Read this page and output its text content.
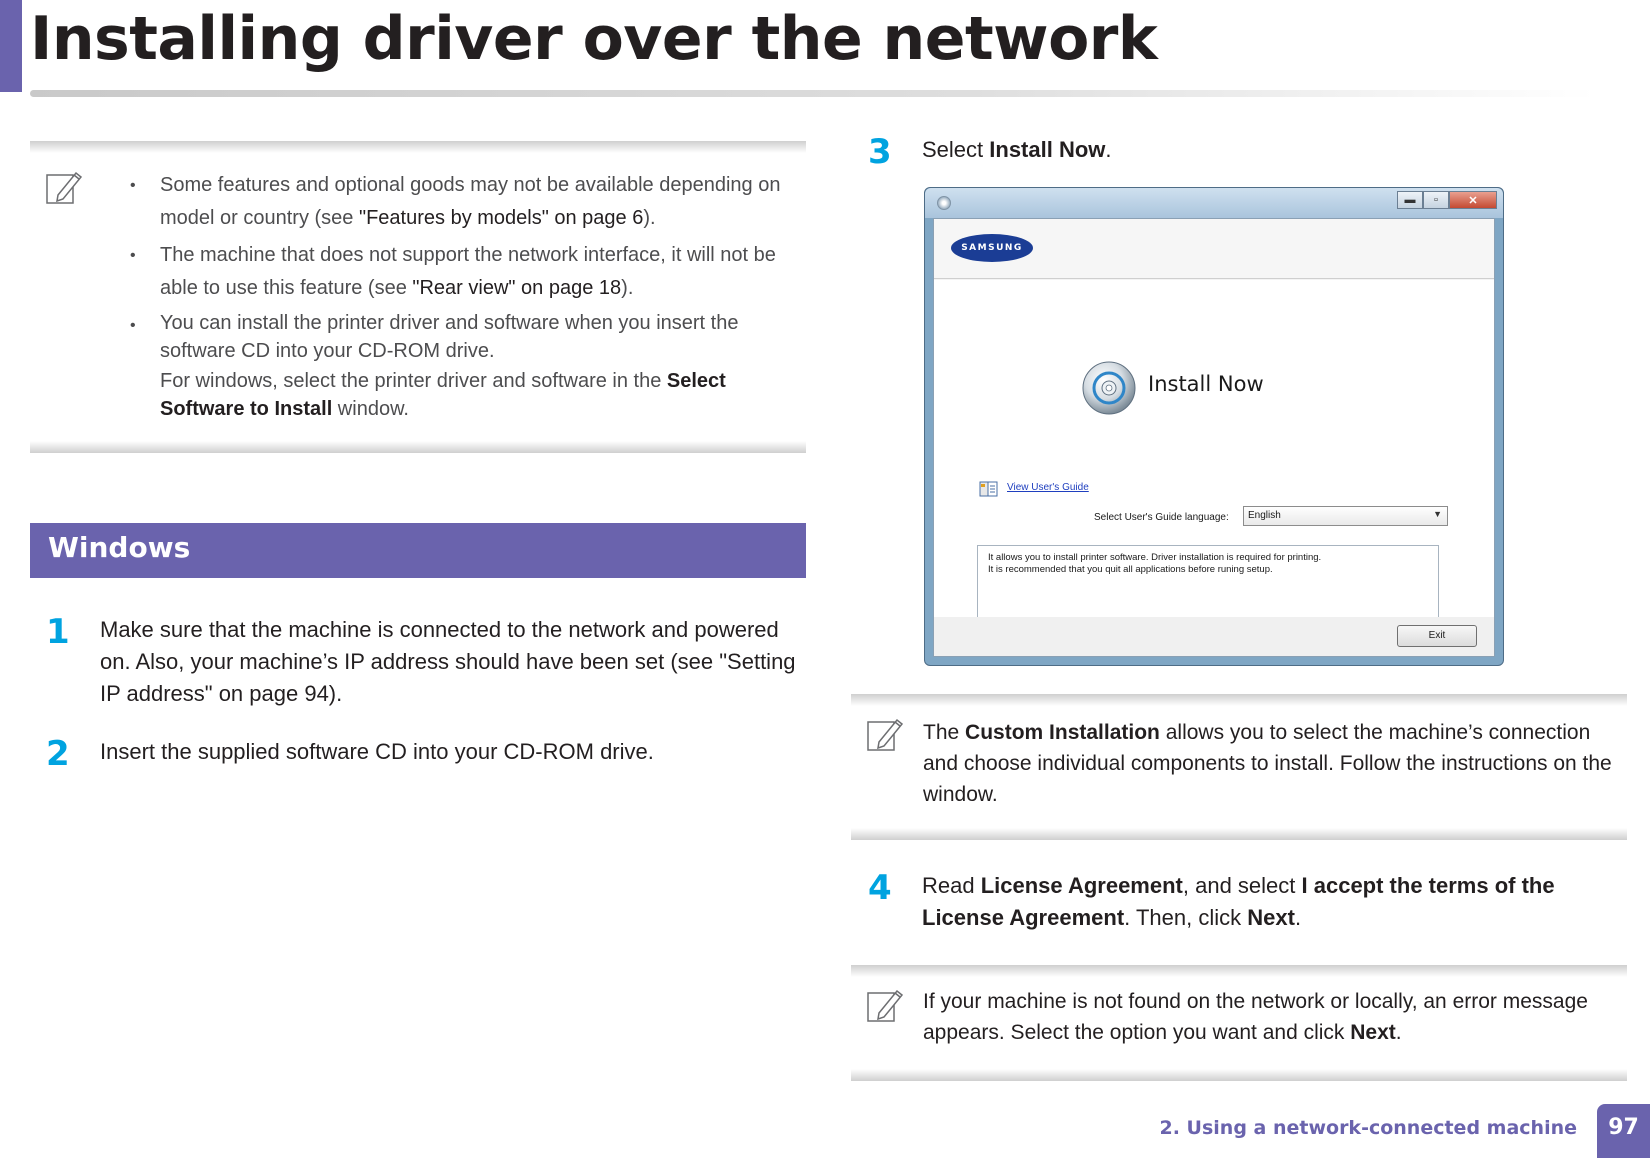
Installing driver over the network
• Some features and optional goods may not be available depending on model or country (see "Features by models" on page 6).
• The machine that does not support the network interface, it will not be able to use this feature (see "Rear view" on page 18).
• You can install the printer driver and software when you insert the software CD into your CD-ROM drive.
For windows, select the printer driver and software in the Select Software to Install window.
Windows
1 Make sure that the machine is connected to the network and powered on. Also, your machine’s IP address should have been set (see "Setting IP address" on page 94).
2 Insert the supplied software CD into your CD-ROM drive.
3 Select Install Now.
▬	▫	✕
SAMSUNG
Install Now
View User's Guide
Select User's Guide language:	English	▼
It allows you to install printer software. Driver installation is required for printing.
It is recommended that you quit all applications before runing setup.
Exit
The Custom Installation allows you to select the machine’s connection and choose individual components to install. Follow the instructions on the window.
4 Read License Agreement, and select I accept the terms of the License Agreement. Then, click Next.
If your machine is not found on the network or locally, an error message appears. Select the option you want and click Next.
2. Using a network-connected machine	97
